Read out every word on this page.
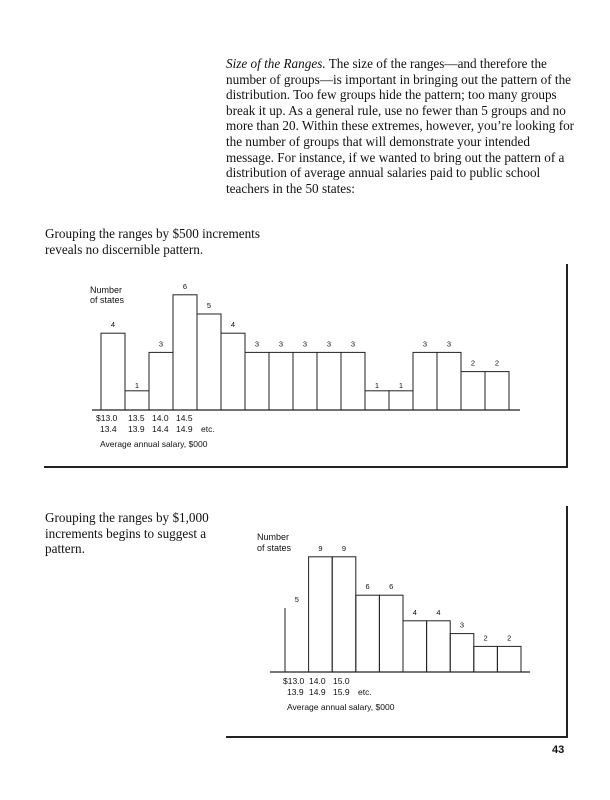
Size of the Ranges. The size of the ranges—and therefore the number of groups—is important in bringing out the pattern of the distribution. Too few groups hide the pattern; too many groups break it up. As a general rule, use no fewer than 5 groups and no more than 20. Within these extremes, however, you’re looking for the number of groups that will demonstrate your intended message. For instance, if we wanted to bring out the pattern of a distribution of average annual salaries paid to public school teachers in the 50 states:
Grouping the ranges by $500 increments reveals no discernible pattern.
Grouping the ranges by $1,000 increments begins to suggest a pattern.
Number
of states
4
1
3
6
5
4
3	3	3	3	3
1	1
3	3
2	2
$13.0 13.5 14.0 14.5
13.4 13.9 14.4 14.9 etc.
Average annual salary, $000
Number
of states
5
9	9
6	6
4	4
3
2	2
$13.0 14.0 15.0
13.9 14.9 15.9 etc.
Average annual salary, $000
43
